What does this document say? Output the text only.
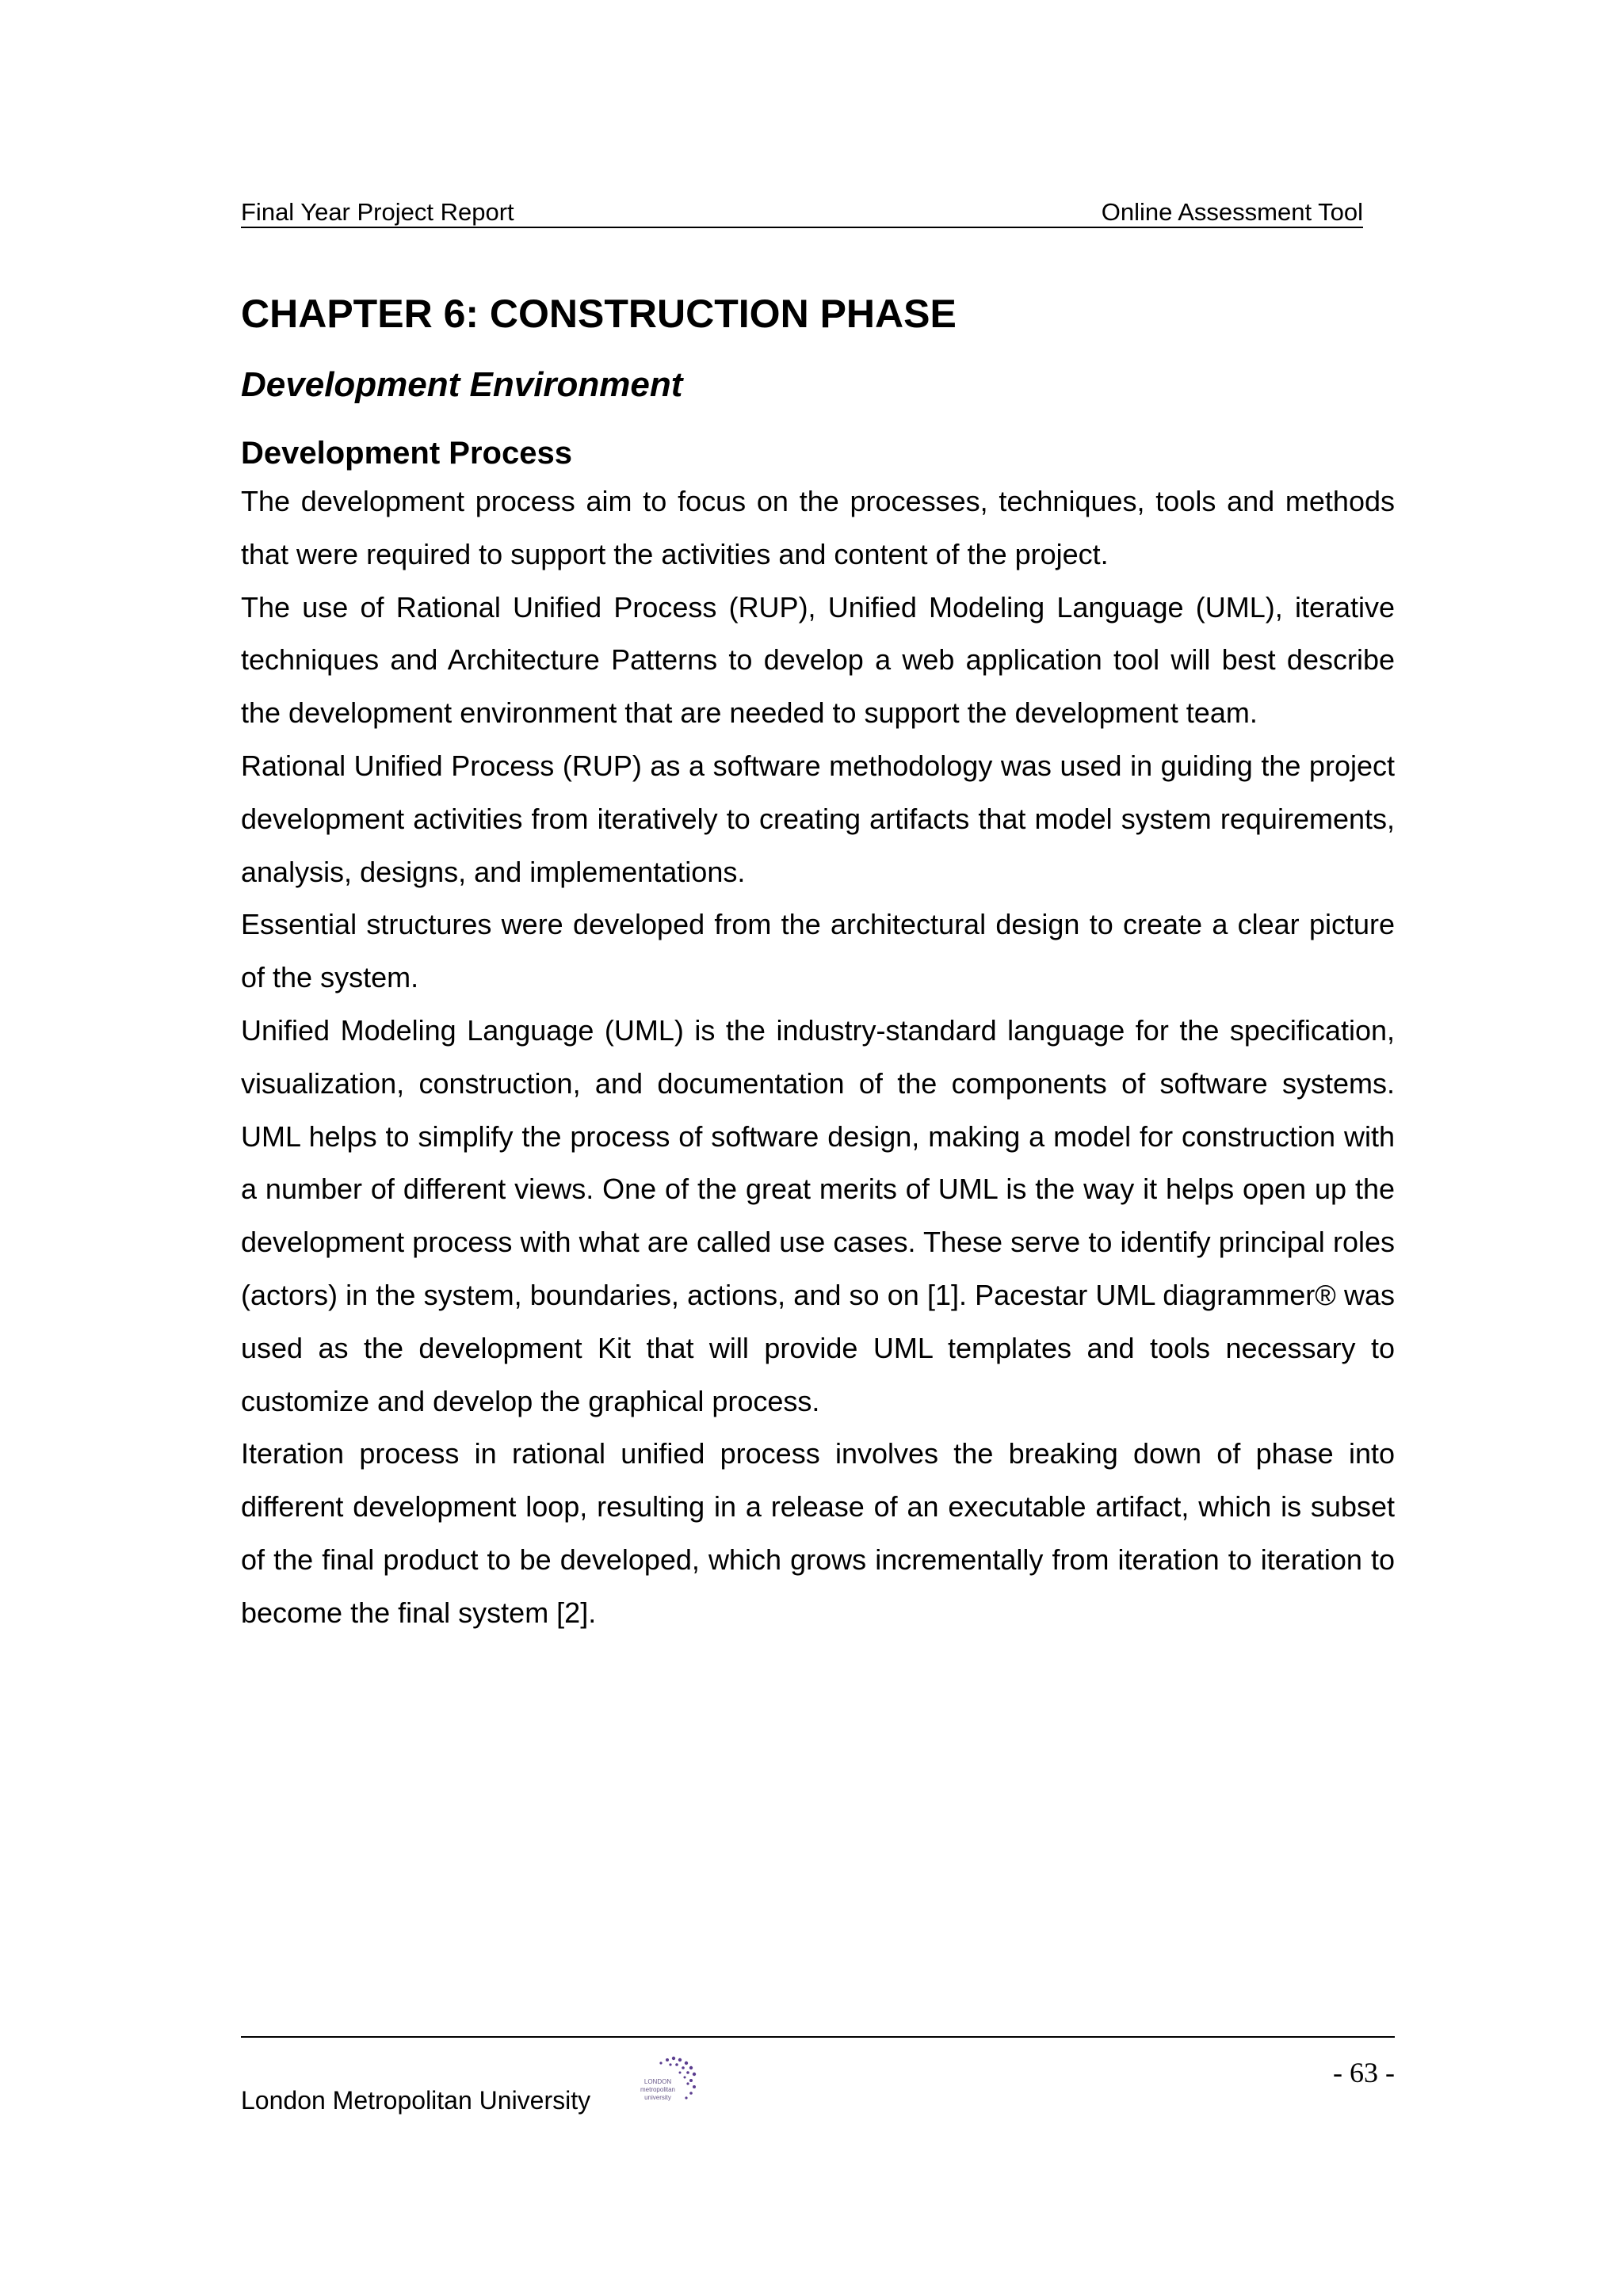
Final Year Project Report	Online Assessment Tool
CHAPTER 6: CONSTRUCTION PHASE
Development Environment
Development Process

The development process aim to focus on the processes, techniques, tools and methods that were required to support the activities and content of the project.

The use of Rational Unified Process (RUP), Unified Modeling Language (UML), iterative techniques and Architecture Patterns to develop a web application tool will best describe the development environment that are needed to support the development team.

Rational Unified Process (RUP) as a software methodology was used in guiding the project development activities from iteratively to creating artifacts that model system requirements, analysis, designs, and implementations.

Essential structures were developed from the architectural design to create a clear picture of the system.

Unified Modeling Language (UML) is the industry-standard language for the specification, visualization, construction, and documentation of the components of software systems. UML helps to simplify the process of software design, making a model for construction with a number of different views. One of the great merits of UML is the way it helps open up the development process with what are called use cases. These serve to identify principal roles (actors) in the system, boundaries, actions, and so on [1]. Pacestar UML diagrammer® was used as the development Kit that will provide UML templates and tools necessary to customize and develop the graphical process.

Iteration process in rational unified process involves the breaking down of phase into different development loop, resulting in a release of an executable artifact, which is subset of the final product to be developed, which grows incrementally from iteration to iteration to become the final system [2].

- 63 -
London Metropolitan University
LONDON
metropolitan
university
